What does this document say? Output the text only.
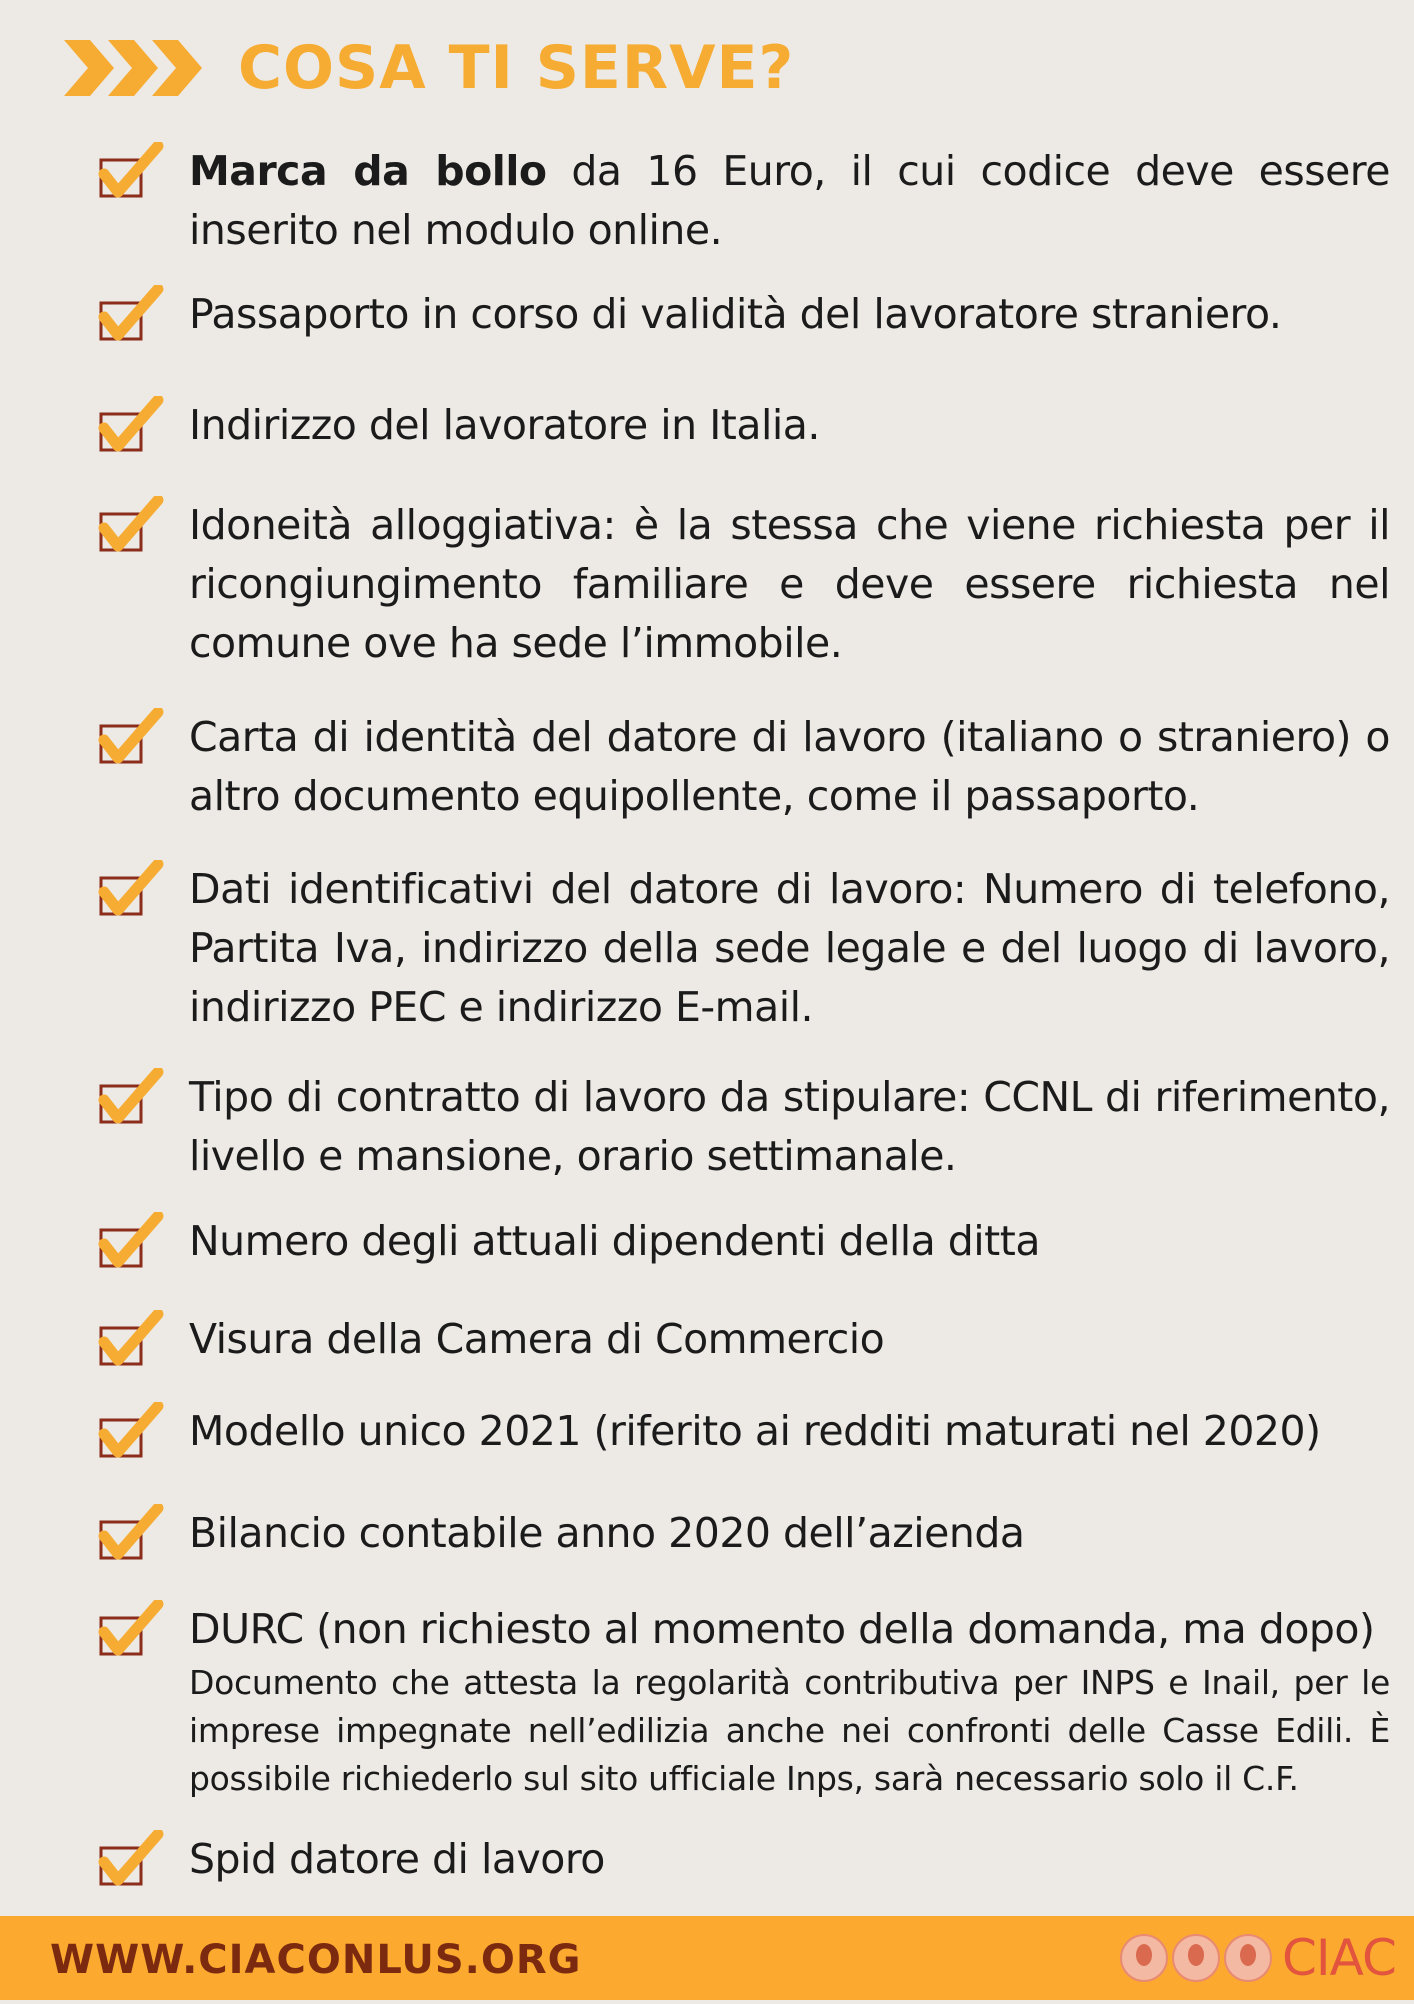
COSA TI SERVE?
Marca da bollo da 16 Euro, il cui codice deve essere inserito nel modulo online.
Passaporto in corso di validità del lavoratore straniero.
Indirizzo del lavoratore in Italia.
Idoneità alloggiativa: è la stessa che viene richiesta per il ricongiungimento familiare e deve essere richiesta nel comune ove ha sede l’immobile.
Carta di identità del datore di lavoro (italiano o straniero) o altro documento equipollente, come il passaporto.
Dati identificativi del datore di lavoro: Numero di telefono, Partita Iva, indirizzo della sede legale e del luogo di lavoro, indirizzo PEC e indirizzo E-mail.
Tipo di contratto di lavoro da stipulare: CCNL di riferimento, livello e mansione, orario settimanale.
Numero degli attuali dipendenti della ditta
Visura della Camera di Commercio
Modello unico 2021 (riferito ai redditi maturati nel 2020)
Bilancio contabile anno 2020 dell’azienda
DURC (non richiesto al momento della domanda, ma dopo)
Documento che attesta la regolarità contributiva per INPS e Inail, per le imprese impegnate nell’edilizia anche nei confronti delle Casse Edili. È possibile richiederlo sul sito ufficiale Inps, sarà necessario solo il C.F.
Spid datore di lavoro
WWW.CIACONLUS.ORG	CIAC
